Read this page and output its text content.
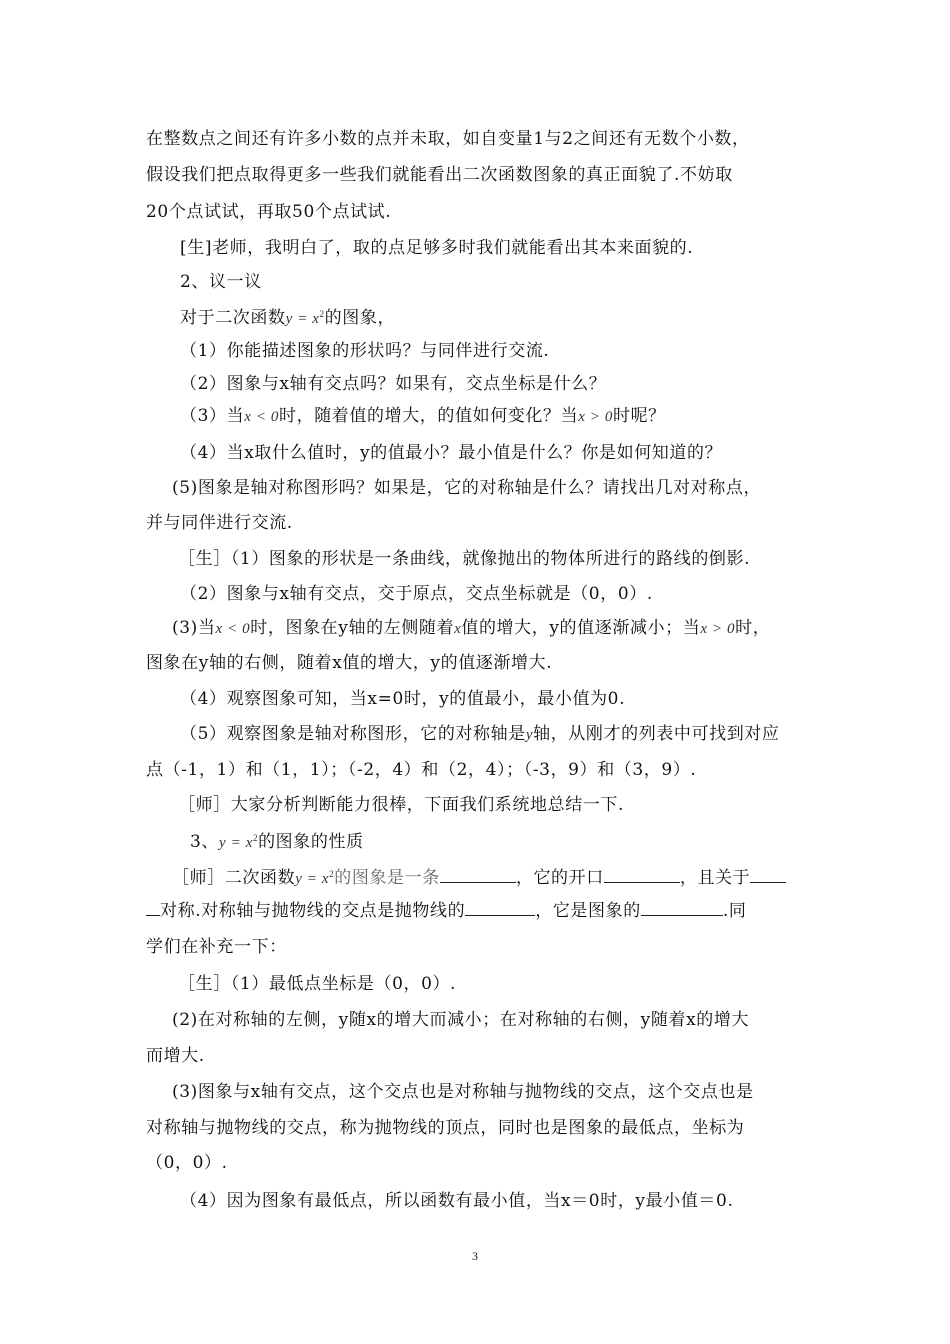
在整数点之间还有许多小数的点并未取，如自变量1与2之间还有无数个小数，
假设我们把点取得更多一些我们就能看出二次函数图象的真正面貌了.不妨取
20个点试试，再取50个点试试.
[生]老师，我明白了，取的点足够多时我们就能看出其本来面貌的.
2、议一议
对于二次函数$y = x^2$的图象，
（1）你能描述图象的形状吗？与同伴进行交流.
（2）图象与x轴有交点吗？如果有，交点坐标是什么？
（3）当x < 0时，随着值的增大，的值如何变化？当x > 0时呢？
（4）当x取什么值时，y的值最小？最小值是什么？你是如何知道的？
(5)图象是轴对称图形吗？如果是，它的对称轴是什么？请找出几对对称点，
并与同伴进行交流.
［生］（1）图象的形状是一条曲线，就像抛出的物体所进行的路线的倒影.
（2）图象与x轴有交点，交于原点，交点坐标就是（0，0）.
(3)当x < 0时，图象在y轴的左侧随着x值的增大，y的值逐渐减小；当x > 0时，
图象在y轴的右侧，随着x值的增大，y的值逐渐增大.
（4）观察图象可知，当x=0时，y的值最小，最小值为0.
（5）观察图象是轴对称图形，它的对称轴是y轴，从刚才的列表中可找到对应
点（-1，1）和（1，1）；（-2，4）和（2，4）；（-3，9）和（3，9）.
［师］大家分析判断能力很棒，下面我们系统地总结一下.
3、$y = x^2$的图象的性质
［师］二次函数$y = x^2$的图象是一条	，它的开口	，且关于
对称.对称轴与抛物线的交点是抛物线的	，它是图象的	.同
学们在补充一下：
［生］（1）最低点坐标是（0，0）.
(2)在对称轴的左侧，y随x的增大而减小；在对称轴的右侧，y随着x的增大
而增大.
(3)图象与x轴有交点，这个交点也是对称轴与抛物线的交点，这个交点也是
对称轴与抛物线的交点，称为抛物线的顶点，同时也是图象的最低点，坐标为
（0，0）.
（4）因为图象有最低点，所以函数有最小值，当x＝0时，y最小值＝0.
3
